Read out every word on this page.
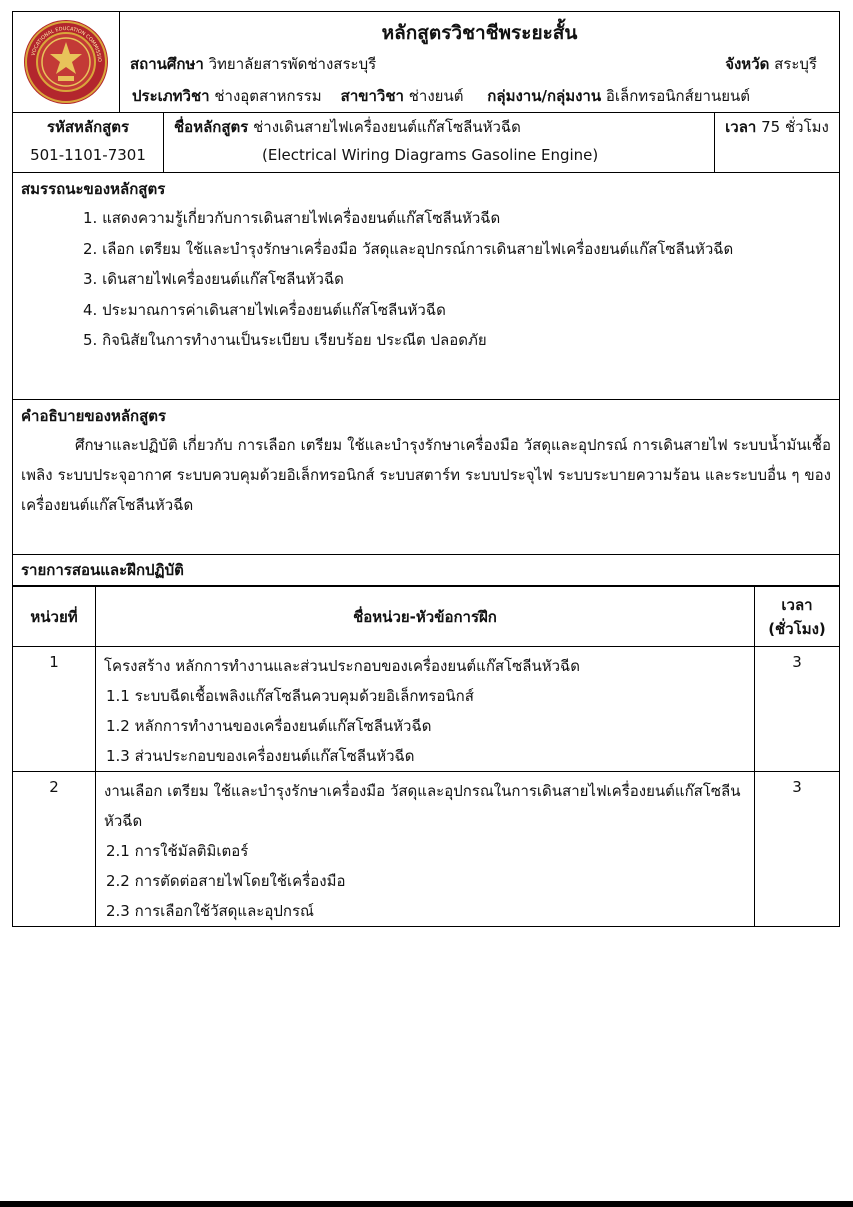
VOCATIONAL EDUCATION COMMISSIO
หลักสูตรวิชาชีพระยะสั้น
สถานศึกษา วิทยาลัยสารพัดช่างสระบุรี	จังหวัด สระบุรี
ประเภทวิชา ช่างอุตสาหกรรม สาขาวิชา ช่างยนต์ กลุ่มงาน/กลุ่มงาน อิเล็กทรอนิกส์ยานยนต์
รหัสหลักสูตร
501-1101-7301
ชื่อหลักสูตร ช่างเดินสายไฟเครื่องยนต์แก๊สโซลีนหัวฉีด
(Electrical Wiring Diagrams Gasoline Engine)
เวลา 75 ชั่วโมง
สมรรถนะของหลักสูตร
1. แสดงความรู้เกี่ยวกับการเดินสายไฟเครื่องยนต์แก๊สโซลีนหัวฉีด
2. เลือก เตรียม ใช้และบำรุงรักษาเครื่องมือ วัสดุและอุปกรณ์การเดินสายไฟเครื่องยนต์แก๊สโซลีนหัวฉีด
3. เดินสายไฟเครื่องยนต์แก๊สโซลีนหัวฉีด
4. ประมาณการค่าเดินสายไฟเครื่องยนต์แก๊สโซลีนหัวฉีด
5. กิจนิสัยในการทำงานเป็นระเบียบ เรียบร้อย ประณีต ปลอดภัย
คำอธิบายของหลักสูตร
ศึกษาและปฏิบัติ เกี่ยวกับ การเลือก เตรียม ใช้และบำรุงรักษาเครื่องมือ วัสดุและอุปกรณ์ การเดินสายไฟ ระบบน้ำมันเชื้อเพลิง ระบบประจุอากาศ ระบบควบคุมด้วยอิเล็กทรอนิกส์ ระบบสตาร์ท ระบบประจุไฟ ระบบระบายความร้อน และระบบอื่น ๆ ของเครื่องยนต์แก๊สโซลีนหัวฉีด
รายการสอนและฝึกปฏิบัติ
หน่วยที่	ชื่อหน่วย-หัวข้อการฝึก	เวลา
(ชั่วโมง)

1	โครงสร้าง หลักการทำงานและส่วนประกอบของเครื่องยนต์แก๊สโซลีนหัวฉีด
1.1 ระบบฉีดเชื้อเพลิงแก๊สโซลีนควบคุมด้วยอิเล็กทรอนิกส์
1.2 หลักการทำงานของเครื่องยนต์แก๊สโซลีนหัวฉีด
1.3 ส่วนประกอบของเครื่องยนต์แก๊สโซลีนหัวฉีด	3
2	งานเลือก เตรียม ใช้และบำรุงรักษาเครื่องมือ วัสดุและอุปกรณในการเดินสายไฟเครื่องยนต์แก๊สโซลีนหัวฉีด
2.1 การใช้มัลติมิเตอร์
2.2 การตัดต่อสายไฟโดยใช้เครื่องมือ
2.3 การเลือกใช้วัสดุและอุปกรณ์	3
